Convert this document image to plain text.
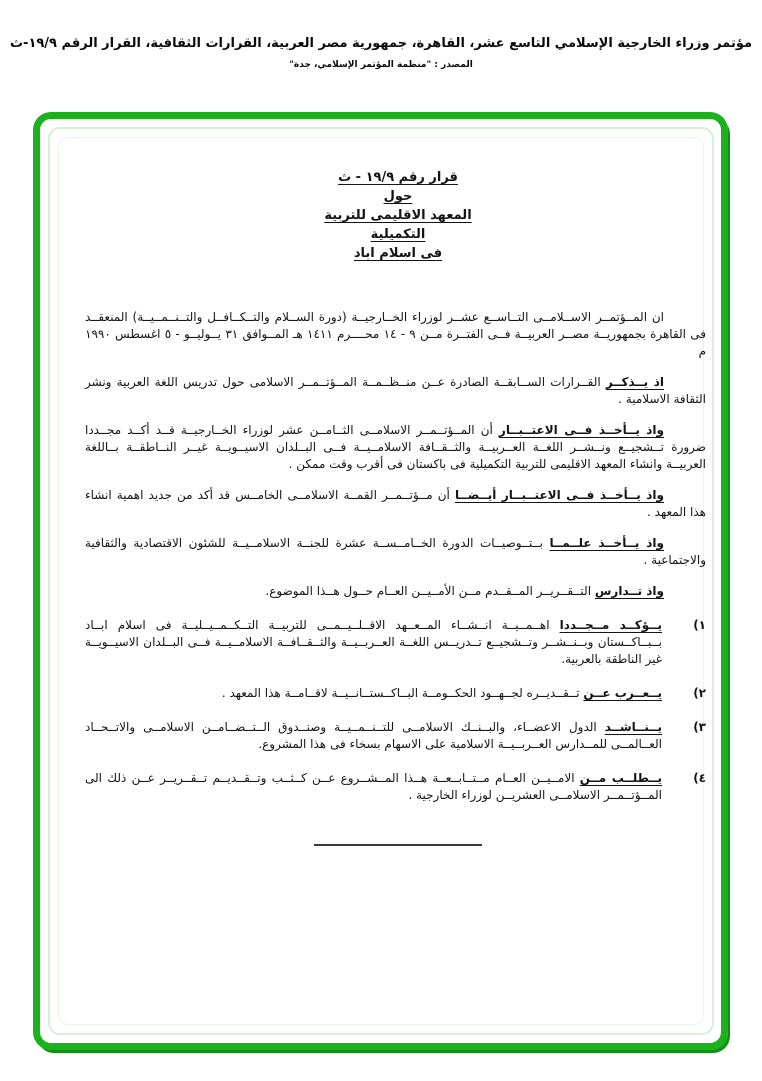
مؤتمر وزراء الخارجية الإسلامي التاسع عشر، القاهرة، جمهورية مصر العربية، القرارات الثقافية، القرار الرقم ١٩/٩-ث
المصدر : "منظمة المؤتمر الإسلامي، جدة"
قرار رقم ١٩/٩ - ث
حول
المعهد الاقليمى للتربية التكميلية
فى اسلام اباد

ان المــؤتمــر الاســلامــى التــاســع عشــر لوزراء الخــارجيــة (دورة الســلام والتــكــافــل والتــنــمــيــة) المنعقــد فى القاهرة بجمهوريــة مصــر العربيــة فــى الفتــرة مــن ٩ - ١٤ محــــرم ١٤١١ هـ المــوافق ٣١ يــوليــو - ٥ اغسطس ١٩٩٠ م

اذ يــذكــر القــرارات الســابقــة الصادرة عــن منــظــمــة المــؤتــمــر الاسلامى حول تدريس اللغة العربية ونشر الثقافة الاسلامية .

واذ يــأخــذ فــى الاعتــبــار أن المــؤتــمــر الاسلامــى الثــامــن عشر لوزراء الخــارجيــة قــد أكــد مجــددا ضرورة تــشجيــع ونــشــر اللغــة العــربيــة والثــقــافة الاسلامــيــة فــى البــلدان الاسيــويــة غيــر النــاطقــة بــاللغة العربيــة وانشاء المعهد الاقليمى للتربية التكميلية فى باكستان فى أقرب وقت ممكن .

واذ يــأخــذ فــى الاعتــبــار أيــضــا أن مــؤتــمــر القمــة الاسلامــى الخامــس قد أكد من جديد اهمية انشاء هذا المعهد .

واذ يــأخــذ علــمــا بــتــوصيــات الدورة الخــامــســة عشرة للجنــة الاسلامــيــة للشئون الاقتصادية والثقافية والاجتماعية .

واذ تــدارس التــقــريــر المــقــدم مــن الأمــيــن العــام حــول هــذا الموضوع.

١)
يــؤكــد مــجــددا اهــمــيــة انــشــاء المــعــهد الاقــلــيــمــى للتربيــة التــكــمــيــليــة فى اسلام ابــاد بــبــاكــستان وبــنــشــر وتــشجيــع تــدريــس اللغــة العــربــيــة والثــقــافــة الاسلامــيــة فــى البــلدان الاسيــويــة غير الناطقة بالعربية.
٢)
يــعــرب عــن تــقــديــره لجــهــود الحكــومــة البــاكــستــانــيــة لاقــامــة هذا المعهد .
٣)
يــنــاشــد الدول الاعضــاء، والبــنــك الاسلامــى للتــنــمــيــة وصنــدوق الــتــضــامــن الاسلامــى والاتــحــاد العــالمــى للمــدارس العــربــيــة الاسلامية على الاسهام بسخاء فى هذا المشروع.
٤)
يــطلــب مــن الامــيــن العــام مــتــابــعــة هــذا المــشــروع عــن كــثــب وتــقــديــم تــقــريــر عــن ذلك الى المــؤتــمــر الاسلامــى العشريــن لوزراء الخارجية .
